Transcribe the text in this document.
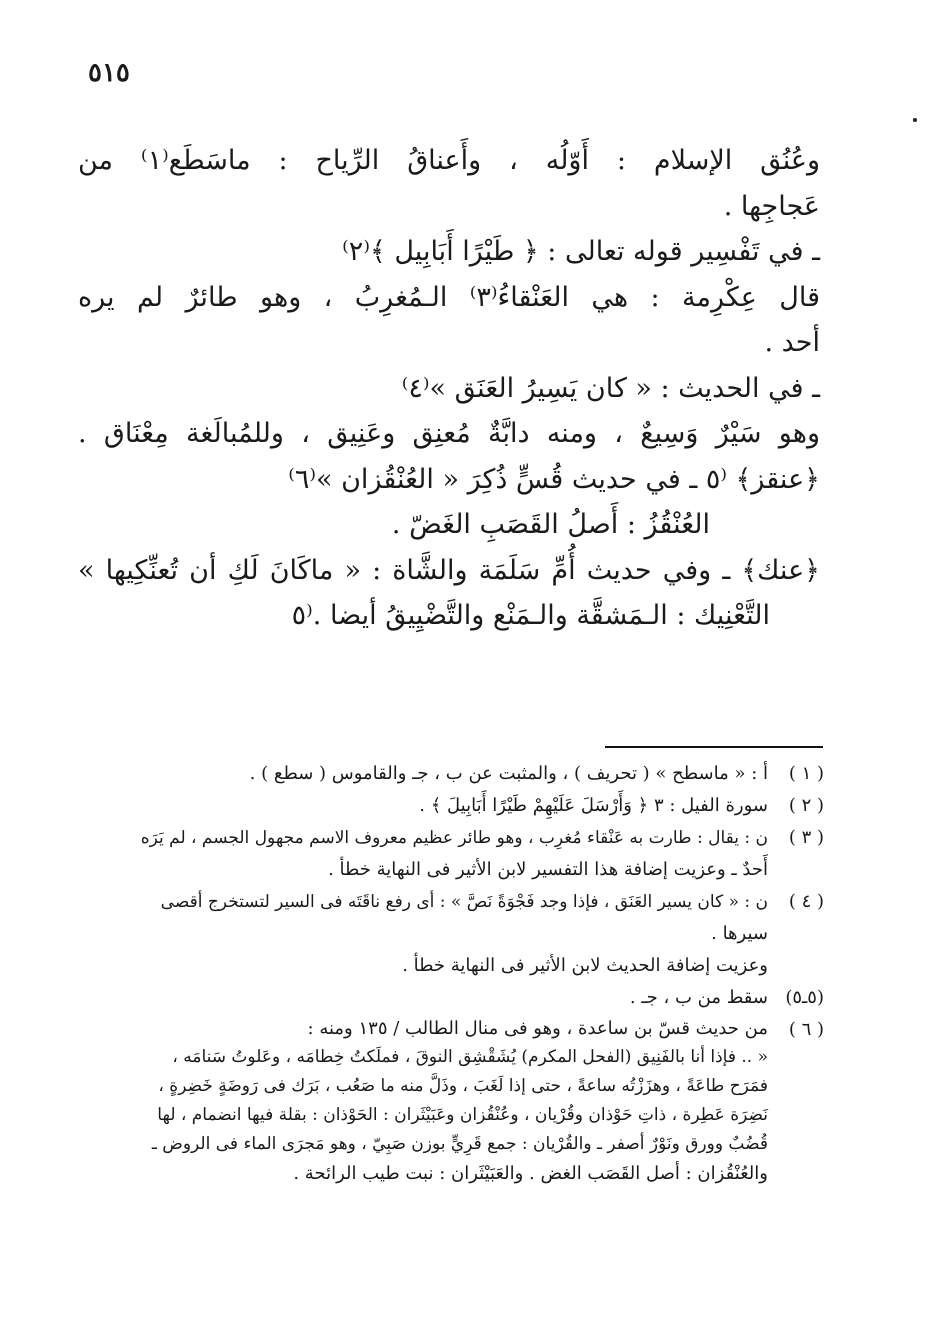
٥١٥
وعُنُق الإسلام : أَوّلُه ، وأَعناقُ الرِّياح : ماسَطَع⁽١⁾ من
عَجاجِها .
ـ في تَفْسِير قوله تعالى : ﴿ طَيْرًا أَبَابِيل ﴾⁽٢⁾
قال عِكْرِمة : هي العَنْقاءُ⁽٣⁾ الـمُغرِبُ ، وهو طائرٌ لم يره
أحد .
ـ في الحديث : « كان يَسِيرُ العَنَق »⁽٤⁾
وهو سَيْرٌ وَسِيعٌ ، ومنه دابَّةٌ مُعنِق وعَنِيق ، وللمُبالَغة مِعْنَاق .
﴿عنقز﴾ ⁽٥ ـ في حديث قُسٍّ ذُكِرَ « العُنْقُزان »⁽٦⁾
العُنْقُزُ : أَصلُ القَصَبِ الغَضّ .
﴿عنك﴾ ـ وفي حديث أُمِّ سَلَمَة والشَّاة : « ماكَانَ لَكِ أن تُعنِّكِيها »
التَّعْنِيك : الـمَشقَّة والـمَنْع والتَّضْيِيقُ أيضا .⁽٥
( ١ )
أ : « ماسطح » ( تحريف ) ، والمثبت عن ب ، جـ والقاموس ( سطع ) .
( ٢ )
سورة الفيل : ٣ ﴿ وَأَرْسَلَ عَلَيْهِمْ طَيْرًا أَبَابِيلَ ﴾ .
( ٣ )
ن : يقال : طارت به عَنْقاء مُغرِب ، وهو طائر عظيم معروف الاسم مجهول الجسم ، لم يَرَه
أَحدٌ ـ وعزيت إضافة هذا التفسير لابن الأثير فى النهاية خطأ .
( ٤ )
ن : « كان يسير العَنَق ، فإذا وجد فَجْوَةً نَصَّ » : أى رفع ناقَتَه فى السير لتستخرج أقصى
سيرها .
وعزيت إضافة الحديث لابن الأثير فى النهاية خطأ .
(٥ـ٥)
سقط من ب ، جـ .
( ٦ )
من حديث قسّ بن ساعدة ، وهو فى منال الطالب / ١٣٥ ومنه :
« .. فإذا أنا بالفَنِيق (الفحل المكرم) يُشَقْشِق النوقَ ، فملَكتُ خِطامَه ، وعَلوتُ سَنامَه ،
فمَرَح طاعَةً ، وهزَزْتُه ساعةً ، حتى إذا لَغَبَ ، وذَلَّ منه ما صَعُب ، بَرَك فى رَوضَةٍ خَضِرةٍ ،
نَضِرَة عَطِرة ، ذاتِ حَوْذان وقُرْيان ، وعُنْقُزان وعَبَيْثَران : الحَوْذان : بقلة فيها انضمام ، لها
قُضُبٌ وورق ونَوْرٌ أصفر ـ والقُرْيان : جمع قَرِيٍّ بوزن صَبِيّ ، وهو مَجرَى الماء فى الروض ـ
والعُنْقُزان : أصل القَصَب الغض . والعَبَيْثَران : نبت طيب الرائحة .
